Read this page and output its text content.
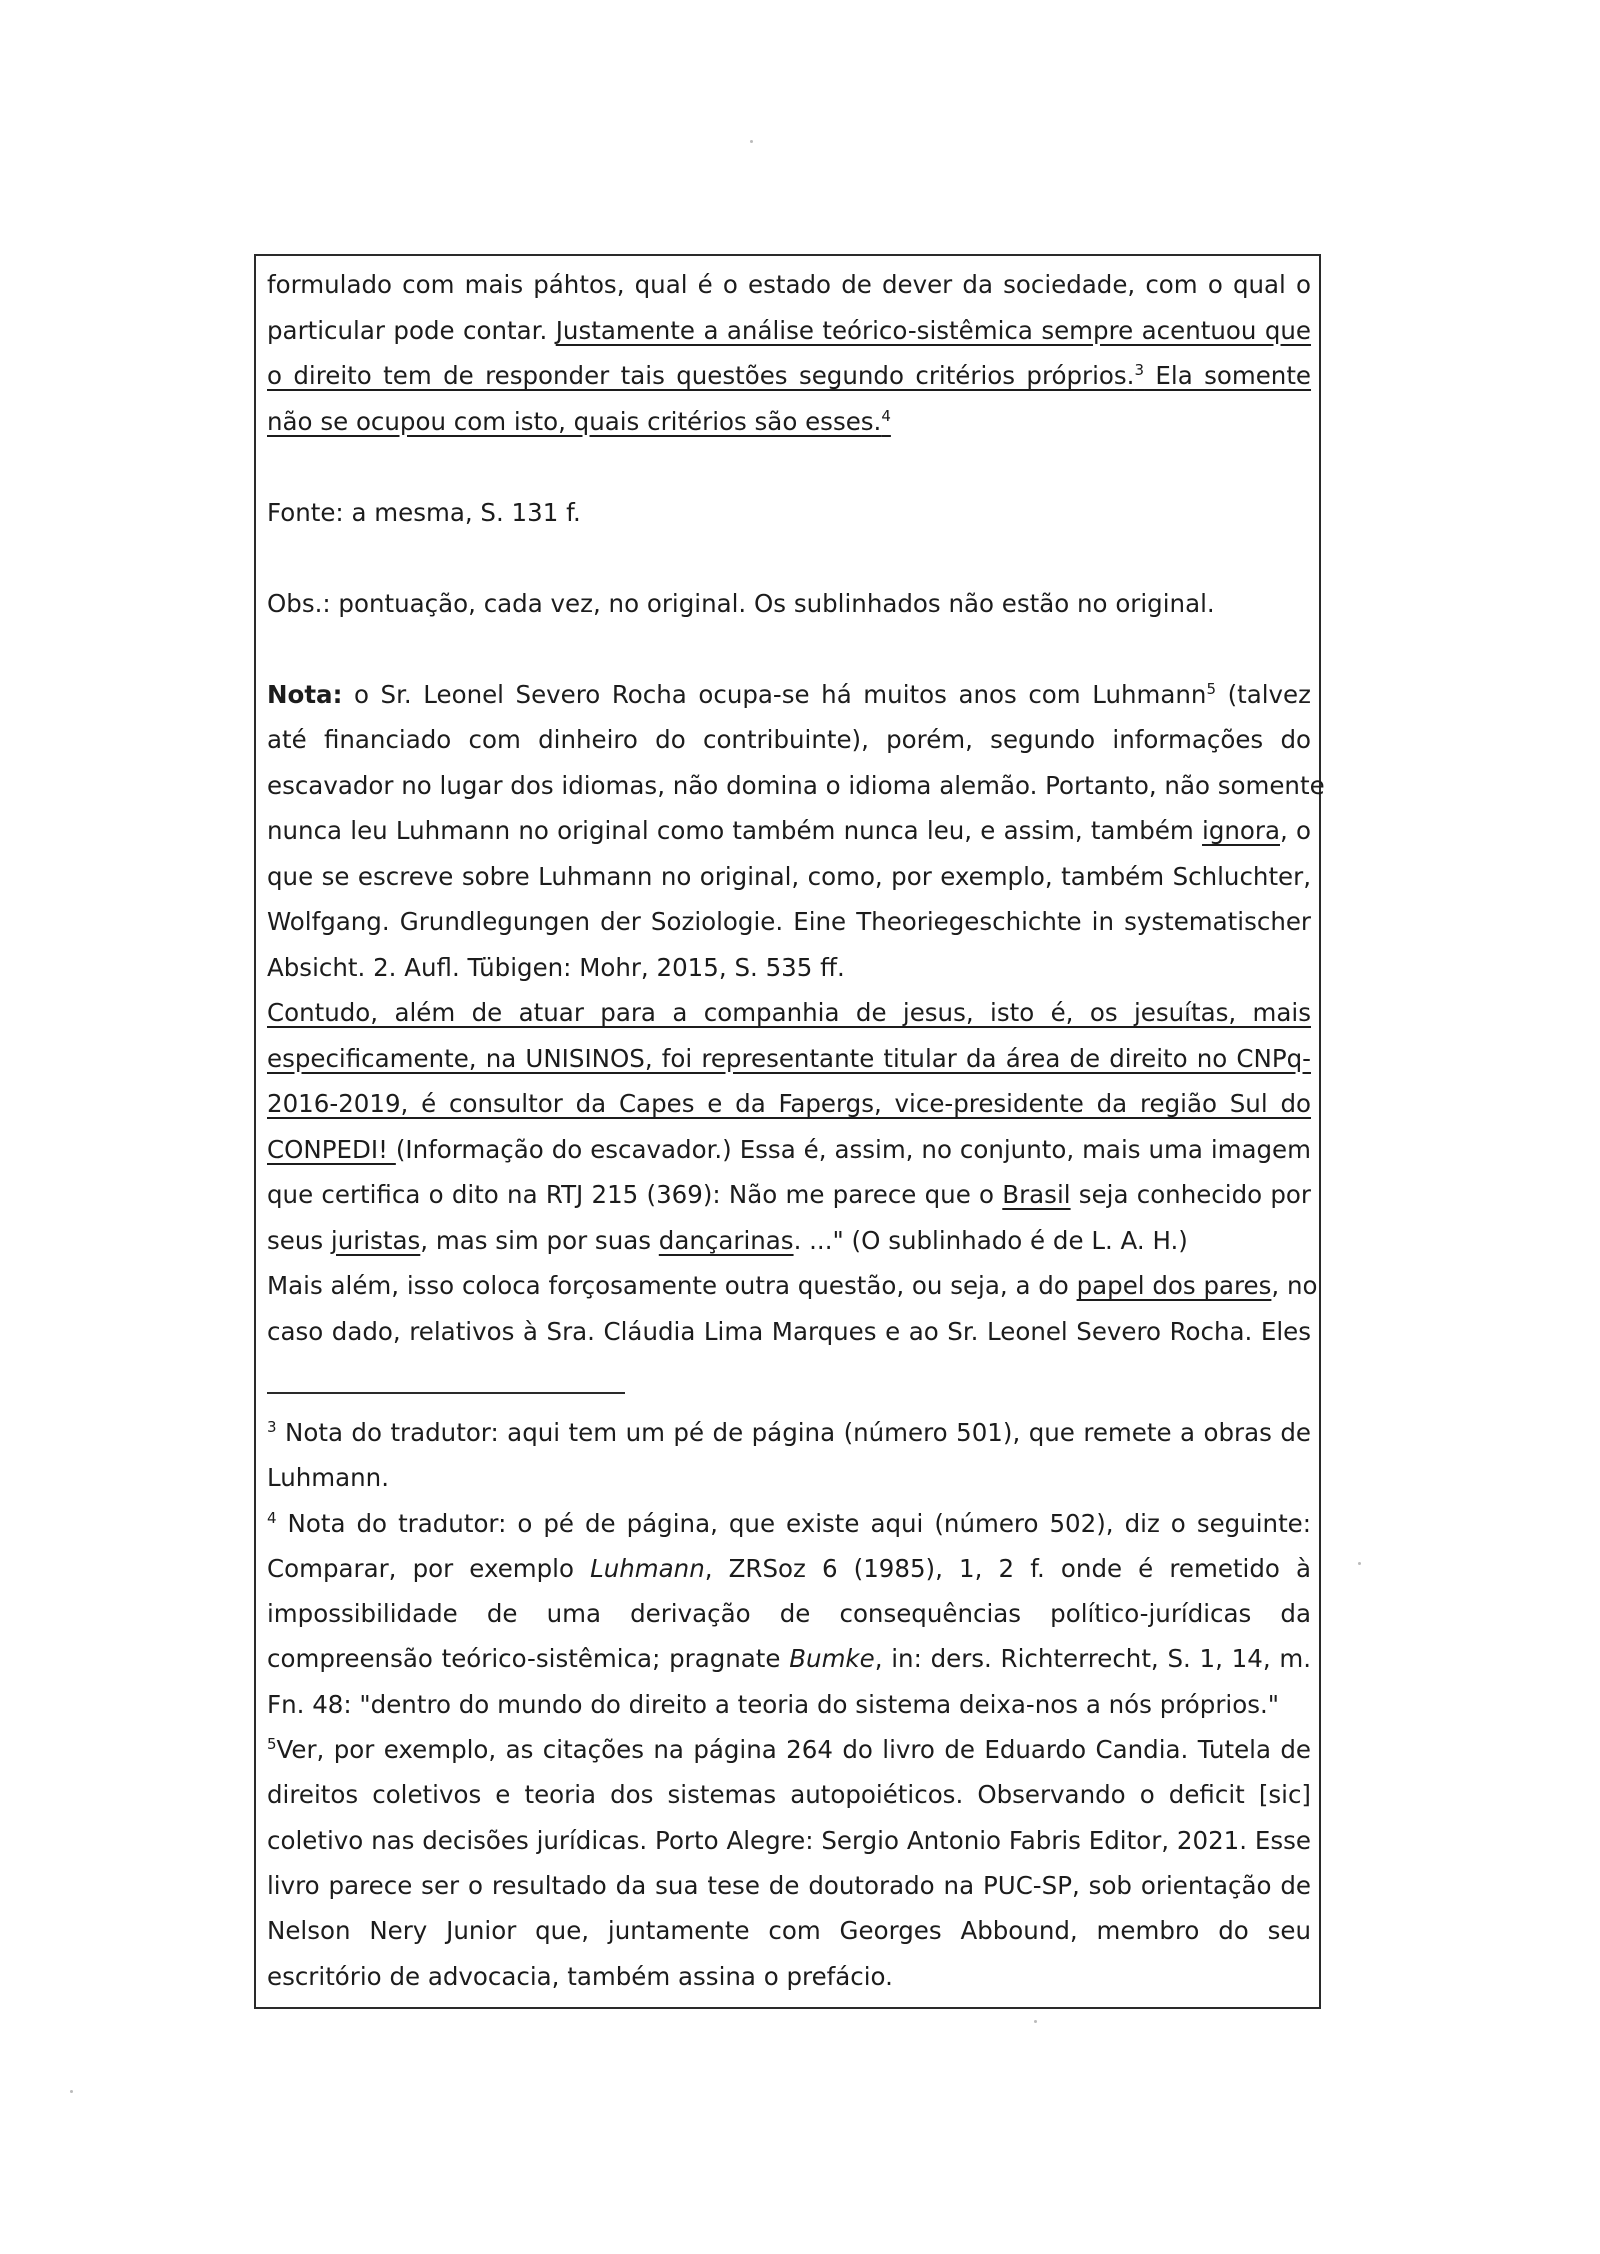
formulado com mais páhtos, qual é o estado de dever da sociedade, com o qual o
particular pode contar. Justamente a análise teórico-sistêmica sempre acentuou que
o direito tem de responder tais questões segundo critérios próprios.$^3$ Ela somente
não se ocupou com isto, quais critérios são esses.$^4$
Fonte: a mesma, S. 131 f.
Obs.: pontuação, cada vez, no original. Os sublinhados não estão no original.
Nota: o Sr. Leonel Severo Rocha ocupa-se há muitos anos com Luhmann$^5$ (talvez
até financiado com dinheiro do contribuinte), porém, segundo informações do
escavador no lugar dos idiomas, não domina o idioma alemão. Portanto, não somente
nunca leu Luhmann no original como também nunca leu, e assim, também ignora, o
que se escreve sobre Luhmann no original, como, por exemplo, também Schluchter,
Wolfgang. Grundlegungen der Soziologie. Eine Theoriegeschichte in systematischer
Absicht. 2. Aufl. Tübigen: Mohr, 2015, S. 535 ff.
Contudo, além de atuar para a companhia de jesus, isto é, os jesuítas, mais
especificamente, na UNISINOS, foi representante titular da área de direito no CNPq-
2016-2019, é consultor da Capes e da Fapergs, vice-presidente da região Sul do
CONPEDI! (Informação do escavador.) Essa é, assim, no conjunto, mais uma imagem
que certifica o dito na RTJ 215 (369): Não me parece que o Brasil seja conhecido por
seus juristas, mas sim por suas dançarinas. ..." (O sublinhado é de L. A. H.)
Mais além, isso coloca forçosamente outra questão, ou seja, a do papel dos pares, no
caso dado, relativos à Sra. Cláudia Lima Marques e ao Sr. Leonel Severo Rocha. Eles
$^3$ Nota do tradutor: aqui tem um pé de página (número 501), que remete a obras de
Luhmann.
$^4$ Nota do tradutor: o pé de página, que existe aqui (número 502), diz o seguinte:
Comparar, por exemplo Luhmann, ZRSoz 6 (1985), 1, 2 f. onde é remetido à
impossibilidade de uma derivação de consequências político-jurídicas da
compreensão teórico-sistêmica; pragnate Bumke, in: ders. Richterrecht, S. 1, 14, m.
Fn. 48: "dentro do mundo do direito a teoria do sistema deixa-nos a nós próprios."
$^5$Ver, por exemplo, as citações na página 264 do livro de Eduardo Candia. Tutela de
direitos coletivos e teoria dos sistemas autopoiéticos. Observando o deficit [sic]
coletivo nas decisões jurídicas. Porto Alegre: Sergio Antonio Fabris Editor, 2021. Esse
livro parece ser o resultado da sua tese de doutorado na PUC-SP, sob orientação de
Nelson Nery Junior que, juntamente com Georges Abbound, membro do seu
escritório de advocacia, também assina o prefácio.
